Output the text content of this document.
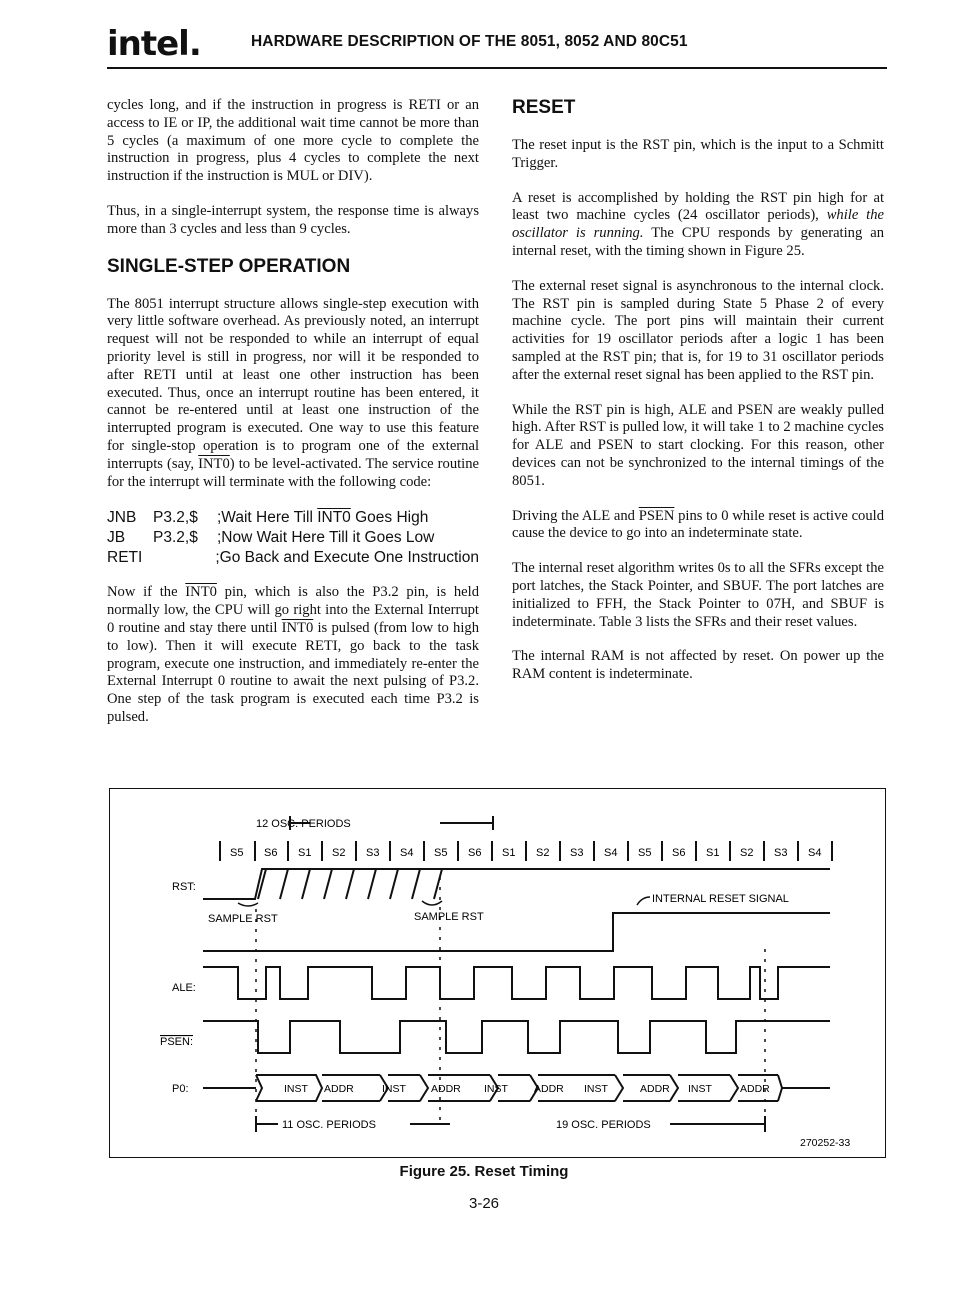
intel.	HARDWARE DESCRIPTION OF THE 8051, 8052 AND 80C51

cycles long, and if the instruction in progress is RETI or an access to IE or IP, the additional wait time cannot be more than 5 cycles (a maximum of one more cycle to complete the instruction in progress, plus 4 cycles to complete the next instruction if the instruction is MUL or DIV).

Thus, in a single-interrupt system, the response time is always more than 3 cycles and less than 9 cycles.

SINGLE-STEP OPERATION

The 8051 interrupt structure allows single-step execution with very little software overhead. As previously noted, an interrupt request will not be responded to while an interrupt of equal priority level is still in progress, nor will it be responded to after RETI until at least one other instruction has been executed. Thus, once an interrupt routine has been entered, it cannot be re-entered until at least one instruction of the interrupted program is executed. One way to use this feature for single-stop operation is to program one of the external interrupts (say, INT0) to be level-activated. The service routine for the interrupt will terminate with the following code:

JNB	P3.2,$	;Wait Here Till INT0 Goes High
JB	P3.2,$	;Now Wait Here Till it Goes Low
RETI	;Go Back and Execute One Instruction

Now if the INT0 pin, which is also the P3.2 pin, is held normally low, the CPU will go right into the External Interrupt 0 routine and stay there until INT0 is pulsed (from low to high to low). Then it will execute RETI, go back to the task program, execute one instruction, and immediately re-enter the External Interrupt 0 routine to await the next pulsing of P3.2. One step of the task program is executed each time P3.2 is pulsed.

RESET

The reset input is the RST pin, which is the input to a Schmitt Trigger.

A reset is accomplished by holding the RST pin high for at least two machine cycles (24 oscillator periods), while the oscillator is running. The CPU responds by generating an internal reset, with the timing shown in Figure 25.

The external reset signal is asynchronous to the internal clock. The RST pin is sampled during State 5 Phase 2 of every machine cycle. The port pins will maintain their current activities for 19 oscillator periods after a logic 1 has been sampled at the RST pin; that is, for 19 to 31 oscillator periods after the external reset signal has been applied to the RST pin.

While the RST pin is high, ALE and PSEN are weakly pulled high. After RST is pulled low, it will take 1 to 2 machine cycles for ALE and PSEN to start clocking. For this reason, other devices can not be synchronized to the internal timings of the 8051.

Driving the ALE and PSEN pins to 0 while reset is active could cause the device to go into an indeterminate state.

The internal reset algorithm writes 0s to all the SFRs except the port latches, the Stack Pointer, and SBUF. The port latches are initialized to FFH, the Stack Pointer to 07H, and SBUF is indeterminate. Table 3 lists the SFRs and their reset values.

The internal RAM is not affected by reset. On power up the RAM content is indeterminate.

12 OSC. PERIODS
S5 S6 S1 S2 S3 S4 S5 S6 S1 S2 S3 S4 S5 S6 S1 S2 S3 S4
RST:
SAMPLE RST	SAMPLE RST
INTERNAL RESET SIGNAL
ALE:
PSEN:
P0:	INST ADDR	INST ADDR INST ADDR INST	ADDR INST	ADDR
11 OSC. PERIODS	19 OSC. PERIODS
270252-33
Figure 25. Reset Timing
3-26
